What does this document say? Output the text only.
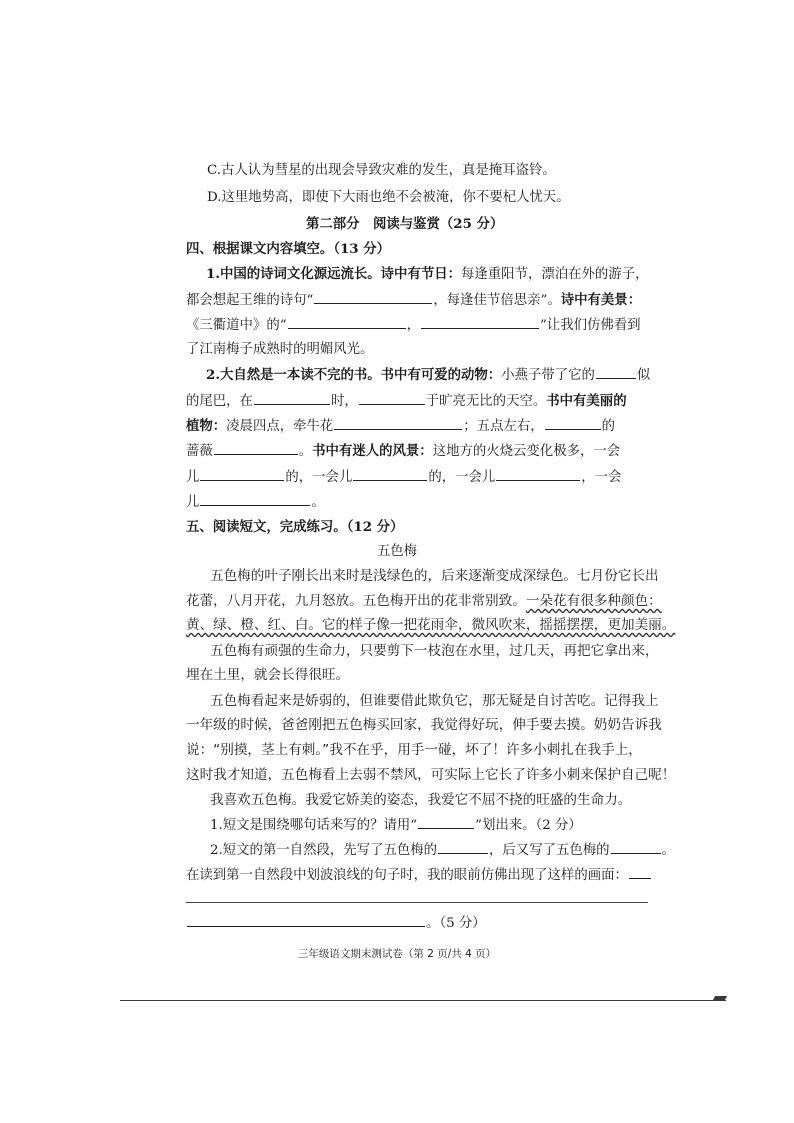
C.古人认为彗星的出现会导致灾难的发生，真是掩耳盗铃。
D.这里地势高，即使下大雨也绝不会被淹，你不要杞人忧天。
第二部分　阅读与鉴赏（25 分）
四、根据课文内容填空。（13 分）
1.中国的诗词文化源远流长。诗中有节日：每逢重阳节，漂泊在外的游子，
都会想起王维的诗句“	，每逢佳节倍思亲”。诗中有美景：
《三衢道中》的“	，	”让我们仿佛看到
了江南梅子成熟时的明媚风光。
2.大自然是一本读不完的书。书中有可爱的动物：小燕子带了它的	似
的尾巴，在	时，	于旷亮无比的天空。书中有美丽的
植物：凌晨四点，牵牛花	；五点左右，	的
蔷薇	。书中有迷人的风景：这地方的火烧云变化极多，一会
儿	的，一会儿	的，一会儿	，一会
儿	。
五、阅读短文，完成练习。（12 分）
五色梅
五色梅的叶子刚长出来时是浅绿色的，后来逐渐变成深绿色。七月份它长出
花蕾，八月开花，九月怒放。五色梅开出的花非常别致。一朵花有很多种颜色：
黄、绿、橙、红、白。它的样子像一把花雨伞，微风吹来，摇摇摆摆，更加美丽。
五色梅有顽强的生命力，只要剪下一枝泡在水里，过几天，再把它拿出来，
埋在土里，就会长得很旺。
五色梅看起来是娇弱的，但谁要借此欺负它，那无疑是自讨苦吃。记得我上
一年级的时候，爸爸刚把五色梅买回家，我觉得好玩，伸手要去摸。奶奶告诉我
说：“别摸，茎上有刺。”我不在乎，用手一碰，坏了！许多小刺扎在我手上，
这时我才知道，五色梅看上去弱不禁风，可实际上它长了许多小刺来保护自己呢！
我喜欢五色梅。我爱它娇美的姿态，我爱它不屈不挠的旺盛的生命力。
1.短文是围绕哪句话来写的？请用“	”划出来。（2 分）
2.短文的第一自然段，先写了五色梅的	，后又写了五色梅的	。
在读到第一自然段中划波浪线的句子时，我的眼前仿佛出现了这样的画面：
。（5 分）
三年级语文期末测试卷（第 2 页/共 4 页）
